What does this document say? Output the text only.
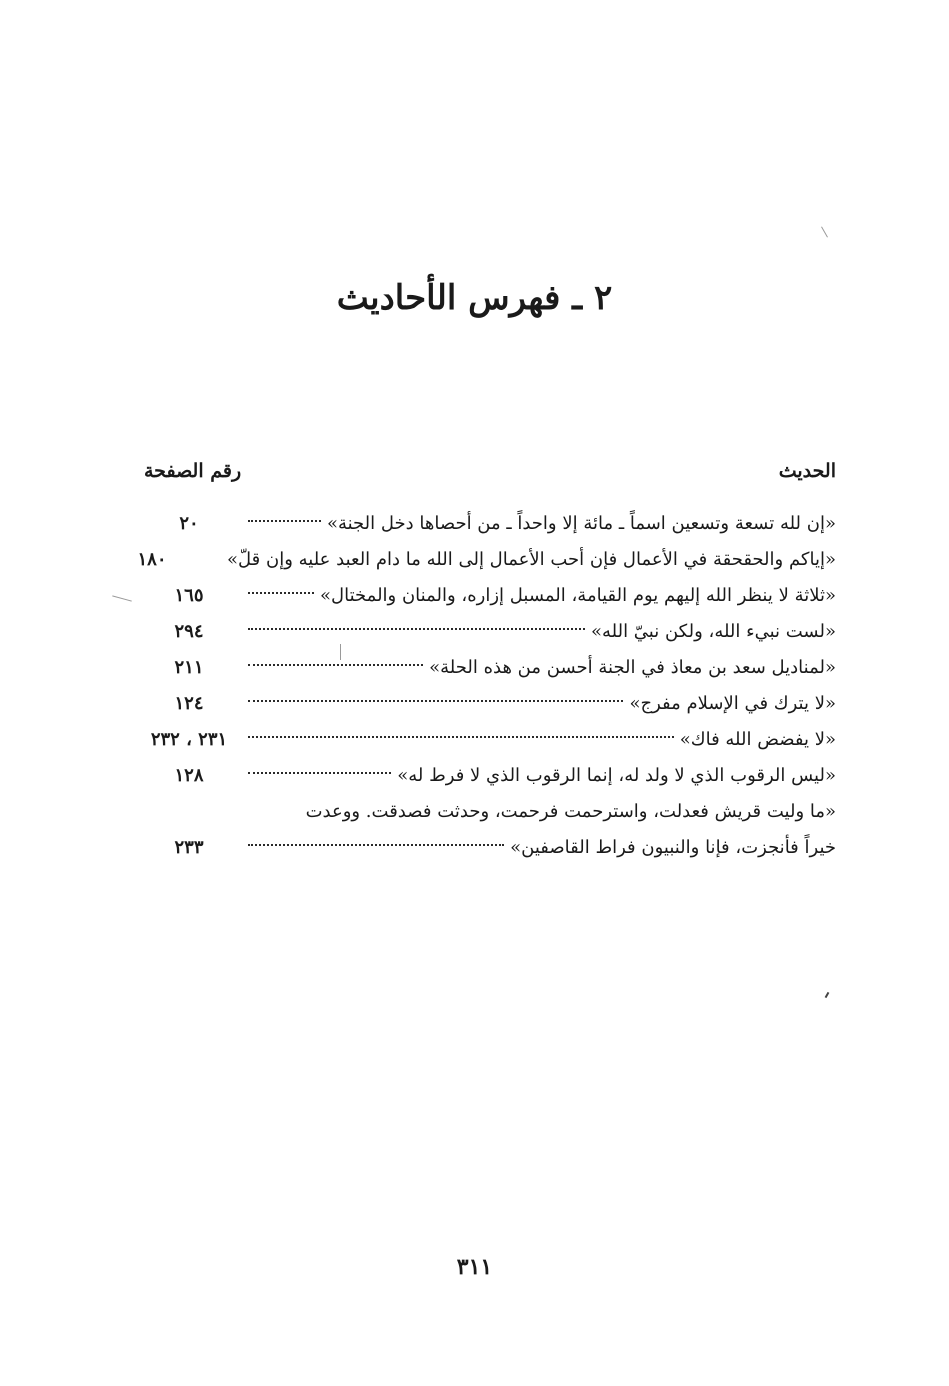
٢ ـ فهرس الأحاديث
الحديث
رقم الصفحة
«إن لله تسعة وتسعين اسماً ـ مائة إلا واحداً ـ من أحصاها دخل الجنة»
٢٠
«إياكم والحقحقة في الأعمال فإن أحب الأعمال إلى الله ما دام العبد عليه وإن قلّ»
١٨٠
«ثلاثة لا ينظر الله إليهم يوم القيامة، المسبل إزاره، والمنان والمختال»
١٦٥
«لست نبيء الله، ولكن نبيّ الله»
٢٩٤
«لمناديل سعد بن معاذ في الجنة أحسن من هذه الحلة»
٢١١
«لا يترك في الإسلام مفرج»
١٢٤
«لا يفضض الله فاك»
٢٣١ ، ٢٣٢
«ليس الرقوب الذي لا ولد له، إنما الرقوب الذي لا فرط له»
١٢٨
«ما وليت قريش فعدلت، واسترحمت فرحمت، وحدثت فصدقت. ووعدت
خيراً فأنجزت، فإنا والنبيون فراط القاصفين»
٢٣٣
٣١١
